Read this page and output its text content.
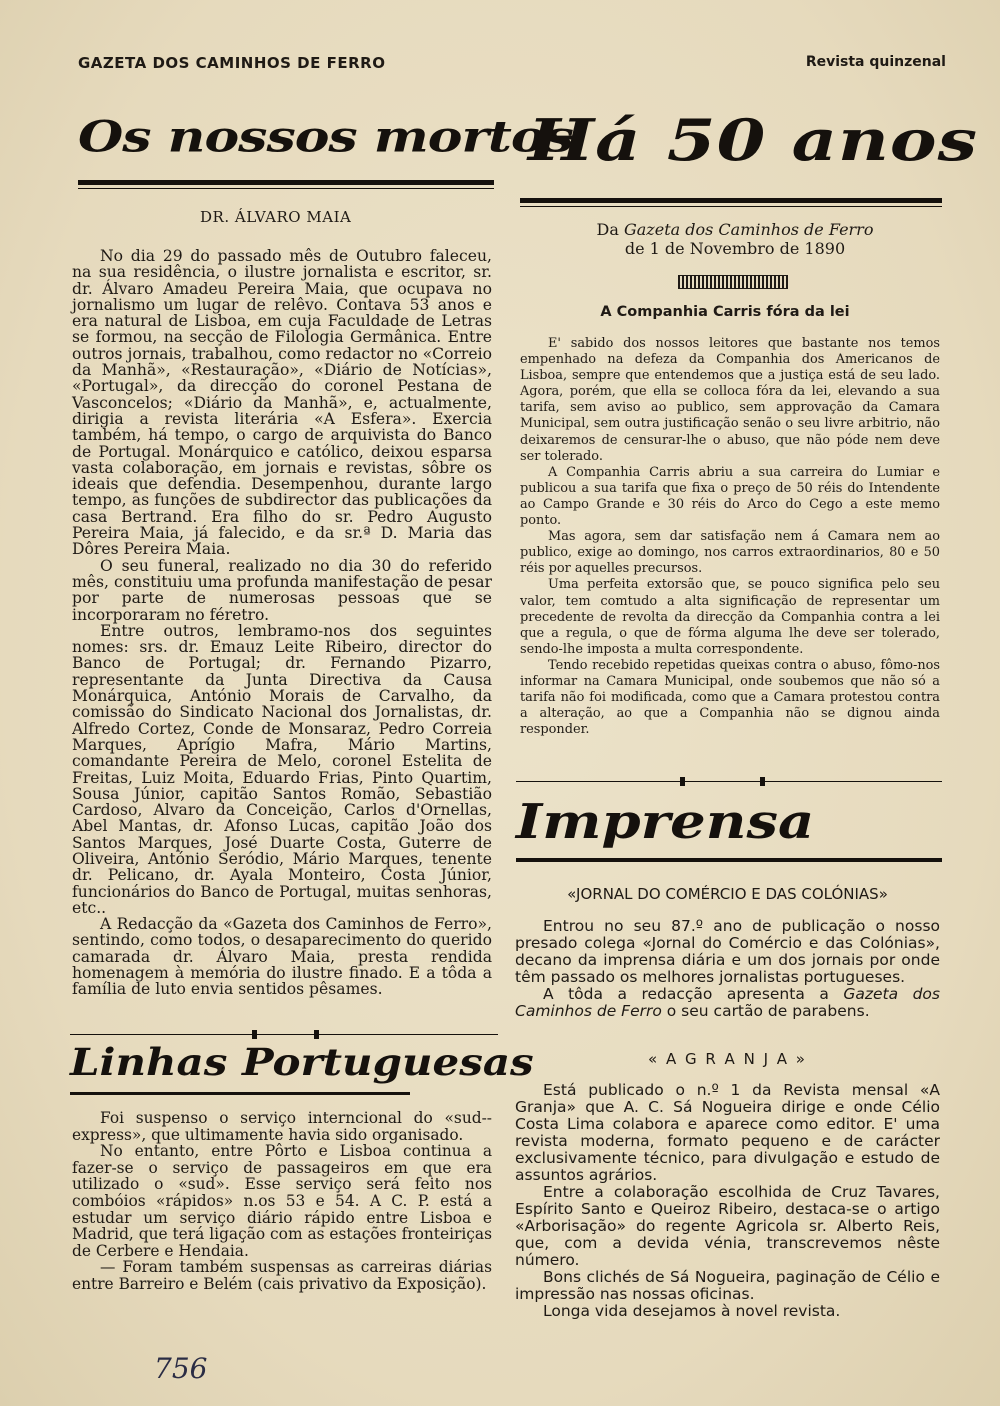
GAZETA DOS CAMINHOS DE FERRO	Revista quinzenal
Os nossos mortos
DR. ÁLVARO MAIA

No dia 29 do passado mês de Outubro faleceu, na sua residência, o ilustre jornalista e escritor, sr. dr. Álvaro Amadeu Pereira Maia, que ocupava no jornalismo um lugar de relêvo. Contava 53 anos e era natural de Lisboa, em cuja Faculdade de Letras se formou, na secção de Filologia Germânica. Entre outros jornais, trabalhou, como redactor no «Correio da Manhã», «Restauração», «Diário de Notícias», «Portugal», da direcção do coronel Pestana de Vasconcelos; «Diário da Manhã», e, actualmente, dirigia a revista literária «A Esfera». Exercia também, há tempo, o cargo de arquivista do Banco de Portugal. Monárquico e católico, deixou esparsa vasta colaboração, em jornais e revistas, sôbre os ideais que defendia. Desempenhou, durante largo tempo, as funções de subdirector das publicações da casa Bertrand. Era filho do sr. Pedro Augusto Pereira Maia, já falecido, e da sr.ª D. Maria das Dôres Pereira Maia.

O seu funeral, realizado no dia 30 do referido mês, constituiu uma profunda manifestação de pesar por parte de numerosas pessoas que se incorporaram no féretro.

Entre outros, lembramo-nos dos seguintes nomes: srs. dr. Emauz Leite Ribeiro, director do Banco de Portugal; dr. Fernando Pizarro, representante da Junta Directiva da Causa Monárquica, António Morais de Carvalho, da comissão do Sindicato Nacional dos Jornalistas, dr. Alfredo Cortez, Conde de Monsaraz, Pedro Correia Marques, Aprígio Mafra, Mário Martins, comandante Pereira de Melo, coronel Estelita de Freitas, Luiz Moita, Eduardo Frias, Pinto Quartim, Sousa Júnior, capitão Santos Romão, Sebastião Cardoso, Alvaro da Conceição, Carlos d'Ornellas, Abel Mantas, dr. Afonso Lucas, capitão João dos Santos Marques, José Duarte Costa, Guterre de Oliveira, António Seródio, Mário Marques, tenente dr. Pelicano, dr. Ayala Monteiro, Costa Júnior, funcionários do Banco de Portugal, muitas senhoras, etc..

A Redacção da «Gazeta dos Caminhos de Ferro», sentindo, como todos, o desaparecimento do querido camarada dr. Álvaro Maia, presta rendida homenagem à memória do ilustre finado. E a tôda a família de luto envia sentidos pêsames.

Linhas Portuguesas

Foi suspenso o serviço interncional do «sud--express», que ultimamente havia sido organisado.

No entanto, entre Pôrto e Lisboa continua a fazer-se o serviço de passageiros em que era utilizado o «sud». Esse serviço será feito nos combóios «rápidos» n.os 53 e 54. A C. P. está a estudar um serviço diário rápido entre Lisboa e Madrid, que terá ligação com as estações fronteiriças de Cerbere e Hendaia.

— Foram também suspensas as carreiras diárias entre Barreiro e Belém (cais privativo da Exposição).

756
Há 50 anos
Da Gazeta dos Caminhos de Ferro
de 1 de Novembro de 1890
A Companhia Carris fóra da lei

E' sabido dos nossos leitores que bastante nos temos empenhado na defeza da Companhia dos Americanos de Lisboa, sempre que entendemos que a justiça está de seu lado. Agora, porém, que ella se colloca fóra da lei, elevando a sua tarifa, sem aviso ao publico, sem approvação da Camara Municipal, sem outra justificação senão o seu livre arbitrio, não deixaremos de censurar-lhe o abuso, que não póde nem deve ser tolerado.

A Companhia Carris abriu a sua carreira do Lumiar e publicou a sua tarifa que fixa o preço de 50 réis do Intendente ao Campo Grande e 30 réis do Arco do Cego a este memo ponto.

Mas agora, sem dar satisfação nem á Camara nem ao publico, exige ao domingo, nos carros extraordinarios, 80 e 50 réis por aquelles precursos.

Uma perfeita extorsão que, se pouco significa pelo seu valor, tem comtudo a alta significação de representar um precedente de revolta da direcção da Companhia contra a lei que a regula, o que de fórma alguma lhe deve ser tolerado, sendo-lhe imposta a multa correspondente.

Tendo recebido repetidas queixas contra o abuso, fômo-nos informar na Camara Municipal, onde soubemos que não só a tarifa não foi modificada, como que a Camara protestou contra a alteração, ao que a Companhia não se dignou ainda responder.

Imprensa
«JORNAL DO COMÉRCIO E DAS COLÓNIAS»

Entrou no seu 87.º ano de publicação o nosso presado colega «Jornal do Comércio e das Colónias», decano da imprensa diária e um dos jornais por onde têm passado os melhores jornalistas portugueses.

A tôda a redacção apresenta a Gazeta dos Caminhos de Ferro o seu cartão de parabens.

« A G R A N J A »

Está publicado o n.º 1 da Revista mensal «A Granja» que A. C. Sá Nogueira dirige e onde Célio Costa Lima colabora e aparece como editor. E' uma revista moderna, formato pequeno e de carácter exclusivamente técnico, para divulgação e estudo de assuntos agrários.

Entre a colaboração escolhida de Cruz Tavares, Espírito Santo e Queiroz Ribeiro, destaca-se o artigo «Arborisação» do regente Agricola sr. Alberto Reis, que, com a devida vénia, transcrevemos nêste número.

Bons clichés de Sá Nogueira, paginação de Célio e impressão nas nossas oficinas.

Longa vida desejamos à novel revista.
